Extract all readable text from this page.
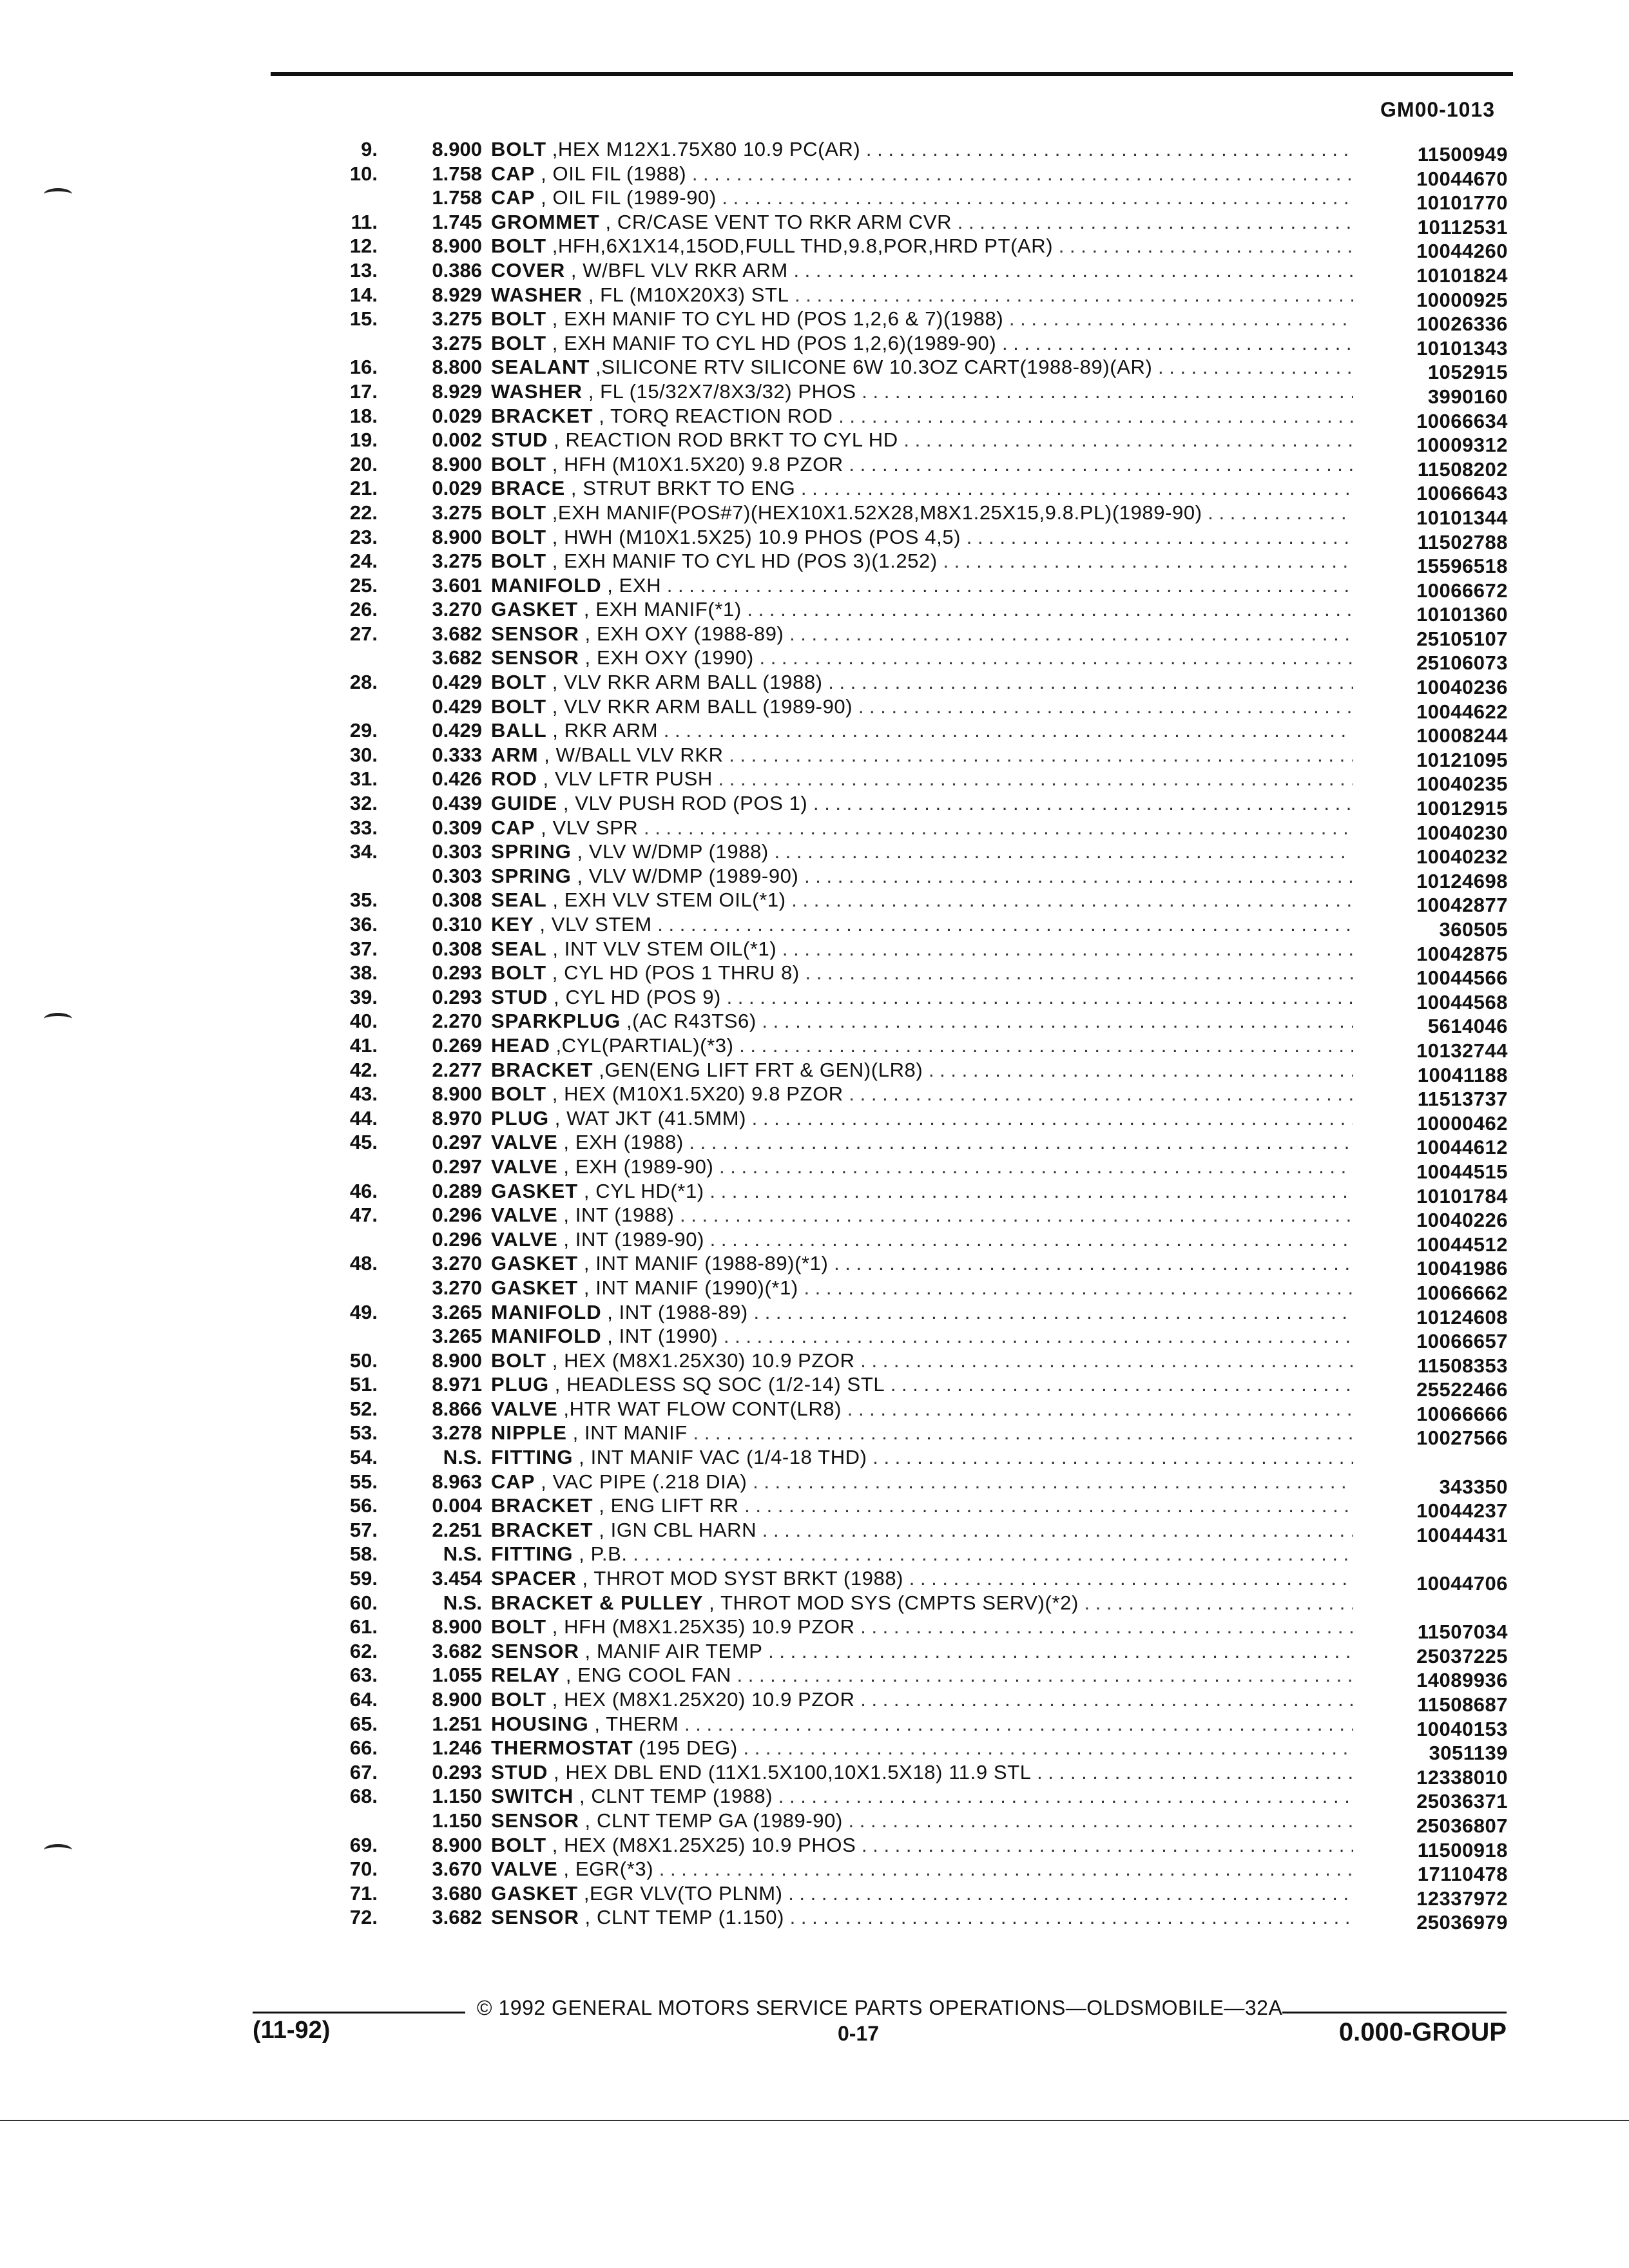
GM00-1013
9.	8.900 BOLT ,HEX M12X1.75X80 10.9 PC(AR) . . .	11500949
10.	1.758 CAP , OIL FIL (1988) . . .	10044670
1.758 CAP , OIL FIL (1989-90) . . .	10101770
11.	1.745 GROMMET , CR/CASE VENT TO RKR ARM CVR . . .	10112531
12.	8.900 BOLT ,HFH,6X1X14,15OD,FULL THD,9.8,POR,HRD PT(AR) . . .	10044260
13.	0.386 COVER , W/BFL VLV RKR ARM . . .	10101824
14.	8.929 WASHER , FL (M10X20X3) STL . . .	10000925
15.	3.275 BOLT , EXH MANIF TO CYL HD (POS 1,2,6 & 7)(1988) . . .	10026336
3.275 BOLT , EXH MANIF TO CYL HD (POS 1,2,6)(1989-90) . . .	10101343
16.	8.800 SEALANT ,SILICONE RTV SILICONE 6W 10.3OZ CART(1988-89)(AR) . . .	1052915
17.	8.929 WASHER , FL (15/32X7/8X3/32) PHOS . . .	3990160
18.	0.029 BRACKET , TORQ REACTION ROD . . .	10066634
19.	0.002 STUD , REACTION ROD BRKT TO CYL HD . . .	10009312
20.	8.900 BOLT , HFH (M10X1.5X20) 9.8 PZOR . . .	11508202
21.	0.029 BRACE , STRUT BRKT TO ENG . . .	10066643
22.	3.275 BOLT ,EXH MANIF(POS#7)(HEX10X1.52X28,M8X1.25X15,9.8.PL)(1989-90) . . .	10101344
23.	8.900 BOLT , HWH (M10X1.5X25) 10.9 PHOS (POS 4,5) . . .	11502788
24.	3.275 BOLT , EXH MANIF TO CYL HD (POS 3)(1.252) . . .	15596518
25.	3.601 MANIFOLD , EXH . . .	10066672
26.	3.270 GASKET , EXH MANIF(*1) . . .	10101360
27.	3.682 SENSOR , EXH OXY (1988-89) . . .	25105107
3.682 SENSOR , EXH OXY (1990) . . .	25106073
28.	0.429 BOLT , VLV RKR ARM BALL (1988) . . .	10040236
0.429 BOLT , VLV RKR ARM BALL (1989-90) . . .	10044622
29.	0.429 BALL , RKR ARM . . .	10008244
30.	0.333 ARM , W/BALL VLV RKR . . .	10121095
31.	0.426 ROD , VLV LFTR PUSH . . .	10040235
32.	0.439 GUIDE , VLV PUSH ROD (POS 1) . . .	10012915
33.	0.309 CAP , VLV SPR . . .	10040230
34.	0.303 SPRING , VLV W/DMP (1988) . . .	10040232
0.303 SPRING , VLV W/DMP (1989-90) . . .	10124698
35.	0.308 SEAL , EXH VLV STEM OIL(*1) . . .	10042877
36.	0.310 KEY , VLV STEM . . .	360505
37.	0.308 SEAL , INT VLV STEM OIL(*1) . . .	10042875
38.	0.293 BOLT , CYL HD (POS 1 THRU 8) . . .	10044566
39.	0.293 STUD , CYL HD (POS 9) . . .	10044568
40.	2.270 SPARKPLUG ,(AC R43TS6) . . .	5614046
41.	0.269 HEAD ,CYL(PARTIAL)(*3) . . .	10132744
42.	2.277 BRACKET ,GEN(ENG LIFT FRT & GEN)(LR8) . . .	10041188
43.	8.900 BOLT , HEX (M10X1.5X20) 9.8 PZOR . . .	11513737
44.	8.970 PLUG , WAT JKT (41.5MM) . . .	10000462
45.	0.297 VALVE , EXH (1988) . . .	10044612
0.297 VALVE , EXH (1989-90) . . .	10044515
46.	0.289 GASKET , CYL HD(*1) . . .	10101784
47.	0.296 VALVE , INT (1988) . . .	10040226
0.296 VALVE , INT (1989-90) . . .	10044512
48.	3.270 GASKET , INT MANIF (1988-89)(*1) . . .	10041986
3.270 GASKET , INT MANIF (1990)(*1) . . .	10066662
49.	3.265 MANIFOLD , INT (1988-89) . . .	10124608
3.265 MANIFOLD , INT (1990) . . .	10066657
50.	8.900 BOLT , HEX (M8X1.25X30) 10.9 PZOR . . .	11508353
51.	8.971 PLUG , HEADLESS SQ SOC (1/2-14) STL . . .	25522466
52.	8.866 VALVE ,HTR WAT FLOW CONT(LR8) . . .	10066666
53.	3.278 NIPPLE , INT MANIF . . .	10027566
54.	N.S. FITTING , INT MANIF VAC (1/4-18 THD) . . .
55.	8.963 CAP , VAC PIPE (.218 DIA) . . .	343350
56.	0.004 BRACKET , ENG LIFT RR . . .	10044237
57.	2.251 BRACKET , IGN CBL HARN . . .	10044431
58.	N.S. FITTING , P.B. . . .
59.	3.454 SPACER , THROT MOD SYST BRKT (1988) . . .	10044706
60.	N.S. BRACKET & PULLEY , THROT MOD SYS (CMPTS SERV)(*2) . . .
61.	8.900 BOLT , HFH (M8X1.25X35) 10.9 PZOR . . .	11507034
62.	3.682 SENSOR , MANIF AIR TEMP . . .	25037225
63.	1.055 RELAY , ENG COOL FAN . . .	14089936
64.	8.900 BOLT , HEX (M8X1.25X20) 10.9 PZOR . . .	11508687
65.	1.251 HOUSING , THERM . . .	10040153
66.	1.246 THERMOSTAT (195 DEG) . . .	3051139
67.	0.293 STUD , HEX DBL END (11X1.5X100,10X1.5X18) 11.9 STL . . .	12338010
68.	1.150 SWITCH , CLNT TEMP (1988) . . .	25036371
1.150 SENSOR , CLNT TEMP GA (1989-90) . . .	25036807
69.	8.900 BOLT , HEX (M8X1.25X25) 10.9 PHOS . . .	11500918
70.	3.670 VALVE , EGR(*3) . . .	17110478
71.	3.680 GASKET ,EGR VLV(TO PLNM) . . .	12337972
72.	3.682 SENSOR , CLNT TEMP (1.150) . . .	25036979
© 1992 GENERAL MOTORS SERVICE PARTS OPERATIONS—OLDSMOBILE—32A
(11-92)	0-17	0.000-GROUP
